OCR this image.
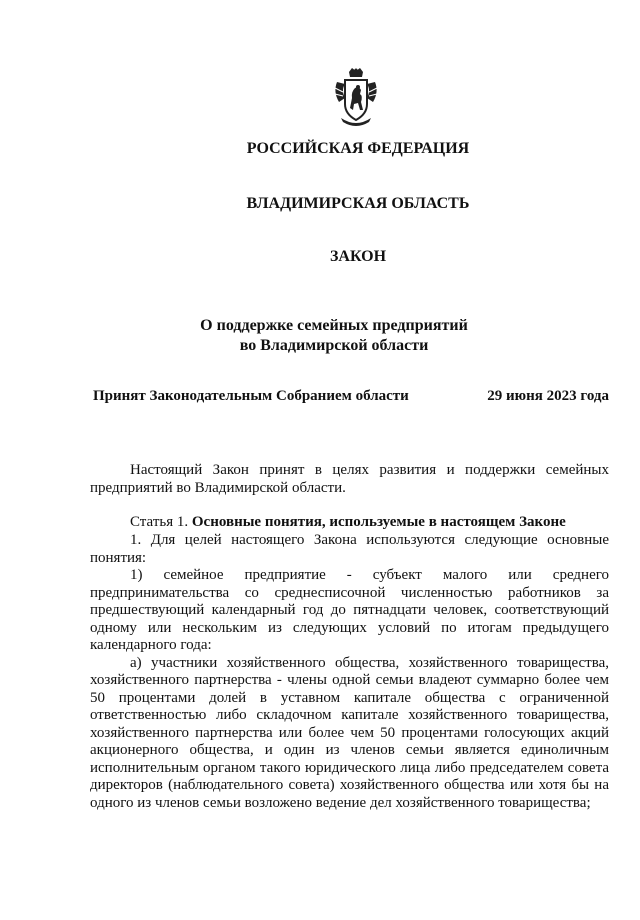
РОССИЙСКАЯ ФЕДЕРАЦИЯ
ВЛАДИМИРСКАЯ ОБЛАСТЬ
ЗАКОН
О поддержке семейных предприятий
во Владимирской области
Принят Законодательным Собранием области	29 июня 2023 года

Настоящий Закон принят в целях развития и поддержки семейных предприятий во Владимирской области.

Статья 1. Основные понятия, используемые в настоящем Законе

1. Для целей настоящего Закона используются следующие основные понятия:

1) семейное предприятие - субъект малого или среднего предпринимательства со среднесписочной численностью работников за предшествующий календарный год до пятнадцати человек, соответствующий одному или нескольким из следующих условий по итогам предыдущего календарного года:

а) участники хозяйственного общества, хозяйственного товарищества, хозяйственного партнерства - члены одной семьи владеют суммарно более чем 50 процентами долей в уставном капитале общества с ограниченной ответственностью либо складочном капитале хозяйственного товарищества, хозяйственного партнерства или более чем 50 процентами голосующих акций акционерного общества, и один из членов семьи является единоличным исполнительным органом такого юридического лица либо председателем совета директоров (наблюдательного совета) хозяйственного общества или хотя бы на одного из членов семьи возложено ведение дел хозяйственного товарищества;
